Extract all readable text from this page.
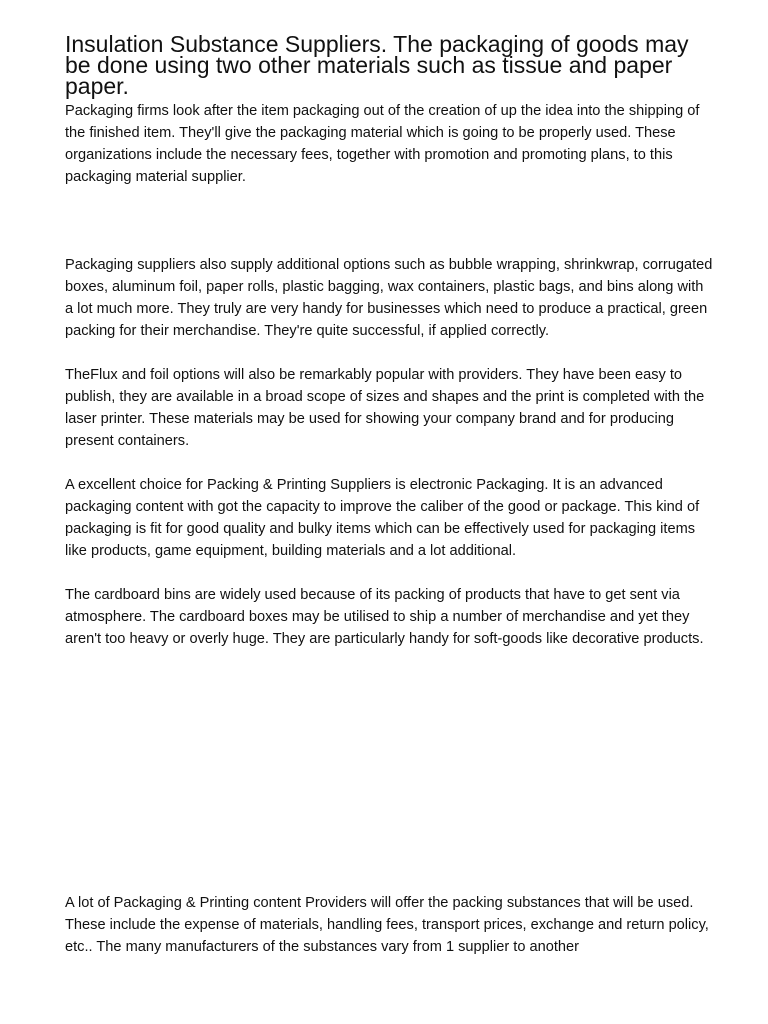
Insulation Substance Suppliers. The packaging of goods may be done using two other materials such as tissue and paper paper.

Packaging firms look after the item packaging out of the creation of up the idea into the shipping of the finished item. They'll give the packaging material which is going to be properly used. These organizations include the necessary fees, together with promotion and promoting plans, to this packaging material supplier.

Packaging suppliers also supply additional options such as bubble wrapping, shrinkwrap, corrugated boxes, aluminum foil, paper rolls, plastic bagging, wax containers, plastic bags, and bins along with a lot much more. They truly are very handy for businesses which need to produce a practical, green packing for their merchandise. They're quite successful, if applied correctly.

TheFlux and foil options will also be remarkably popular with providers. They have been easy to publish, they are available in a broad scope of sizes and shapes and the print is completed with the laser printer. These materials may be used for showing your company brand and for producing present containers.

A excellent choice for Packing & Printing Suppliers is electronic Packaging. It is an advanced packaging content with got the capacity to improve the caliber of the good or package. This kind of packaging is fit for good quality and bulky items which can be effectively used for packaging items like products, game equipment, building materials and a lot additional.

The cardboard bins are widely used because of its packing of products that have to get sent via atmosphere. The cardboard boxes may be utilised to ship a number of merchandise and yet they aren't too heavy or overly huge. They are particularly handy for soft-goods like decorative products.

A lot of Packaging & Printing content Providers will offer the packing substances that will be used. These include the expense of materials, handling fees, transport prices, exchange and return policy, etc.. The many manufacturers of the substances vary from 1 supplier to another
